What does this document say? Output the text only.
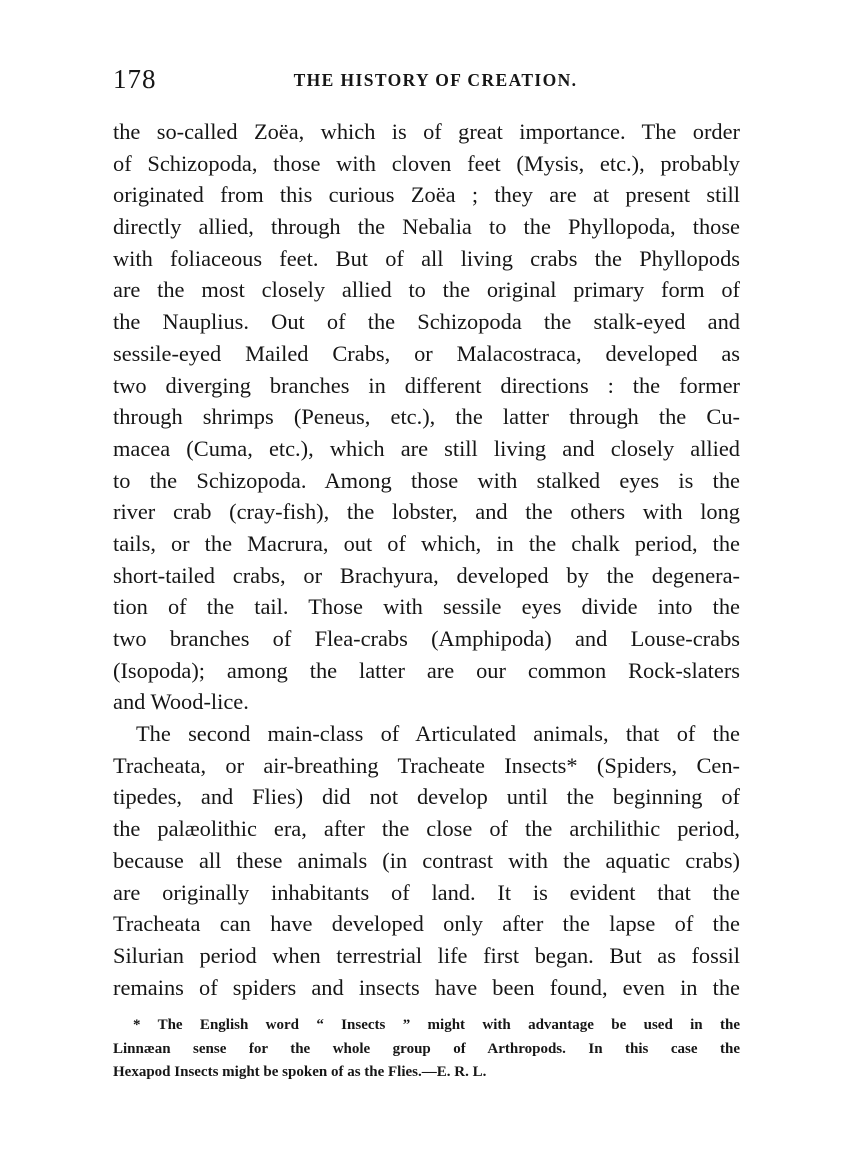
178	THE HISTORY OF CREATION.
the so-called Zoëa, which is of great importance. The order
of Schizopoda, those with cloven feet (Mysis, etc.), probably
originated from this curious Zoëa ; they are at present still
directly allied, through the Nebalia to the Phyllopoda, those
with foliaceous feet. But of all living crabs the Phyllopods
are the most closely allied to the original primary form of
the Nauplius. Out of the Schizopoda the stalk-eyed and
sessile-eyed Mailed Crabs, or Malacostraca, developed as
two diverging branches in different directions : the former
through shrimps (Peneus, etc.), the latter through the Cu-
macea (Cuma, etc.), which are still living and closely allied
to the Schizopoda. Among those with stalked eyes is the
river crab (cray-fish), the lobster, and the others with long
tails, or the Macrura, out of which, in the chalk period, the
short-tailed crabs, or Brachyura, developed by the degenera-
tion of the tail. Those with sessile eyes divide into the
two branches of Flea-crabs (Amphipoda) and Louse-crabs
(Isopoda); among the latter are our common Rock-slaters
and Wood-lice.
The second main-class of Articulated animals, that of the
Tracheata, or air-breathing Tracheate Insects* (Spiders, Cen-
tipedes, and Flies) did not develop until the beginning of
the palæolithic era, after the close of the archilithic period,
because all these animals (in contrast with the aquatic crabs)
are originally inhabitants of land. It is evident that the
Tracheata can have developed only after the lapse of the
Silurian period when terrestrial life first began. But as fossil
remains of spiders and insects have been found, even in the
* The English word “ Insects ” might with advantage be used in the
Linnæan sense for the whole group of Arthropods. In this case the
Hexapod Insects might be spoken of as the Flies.—E. R. L.
